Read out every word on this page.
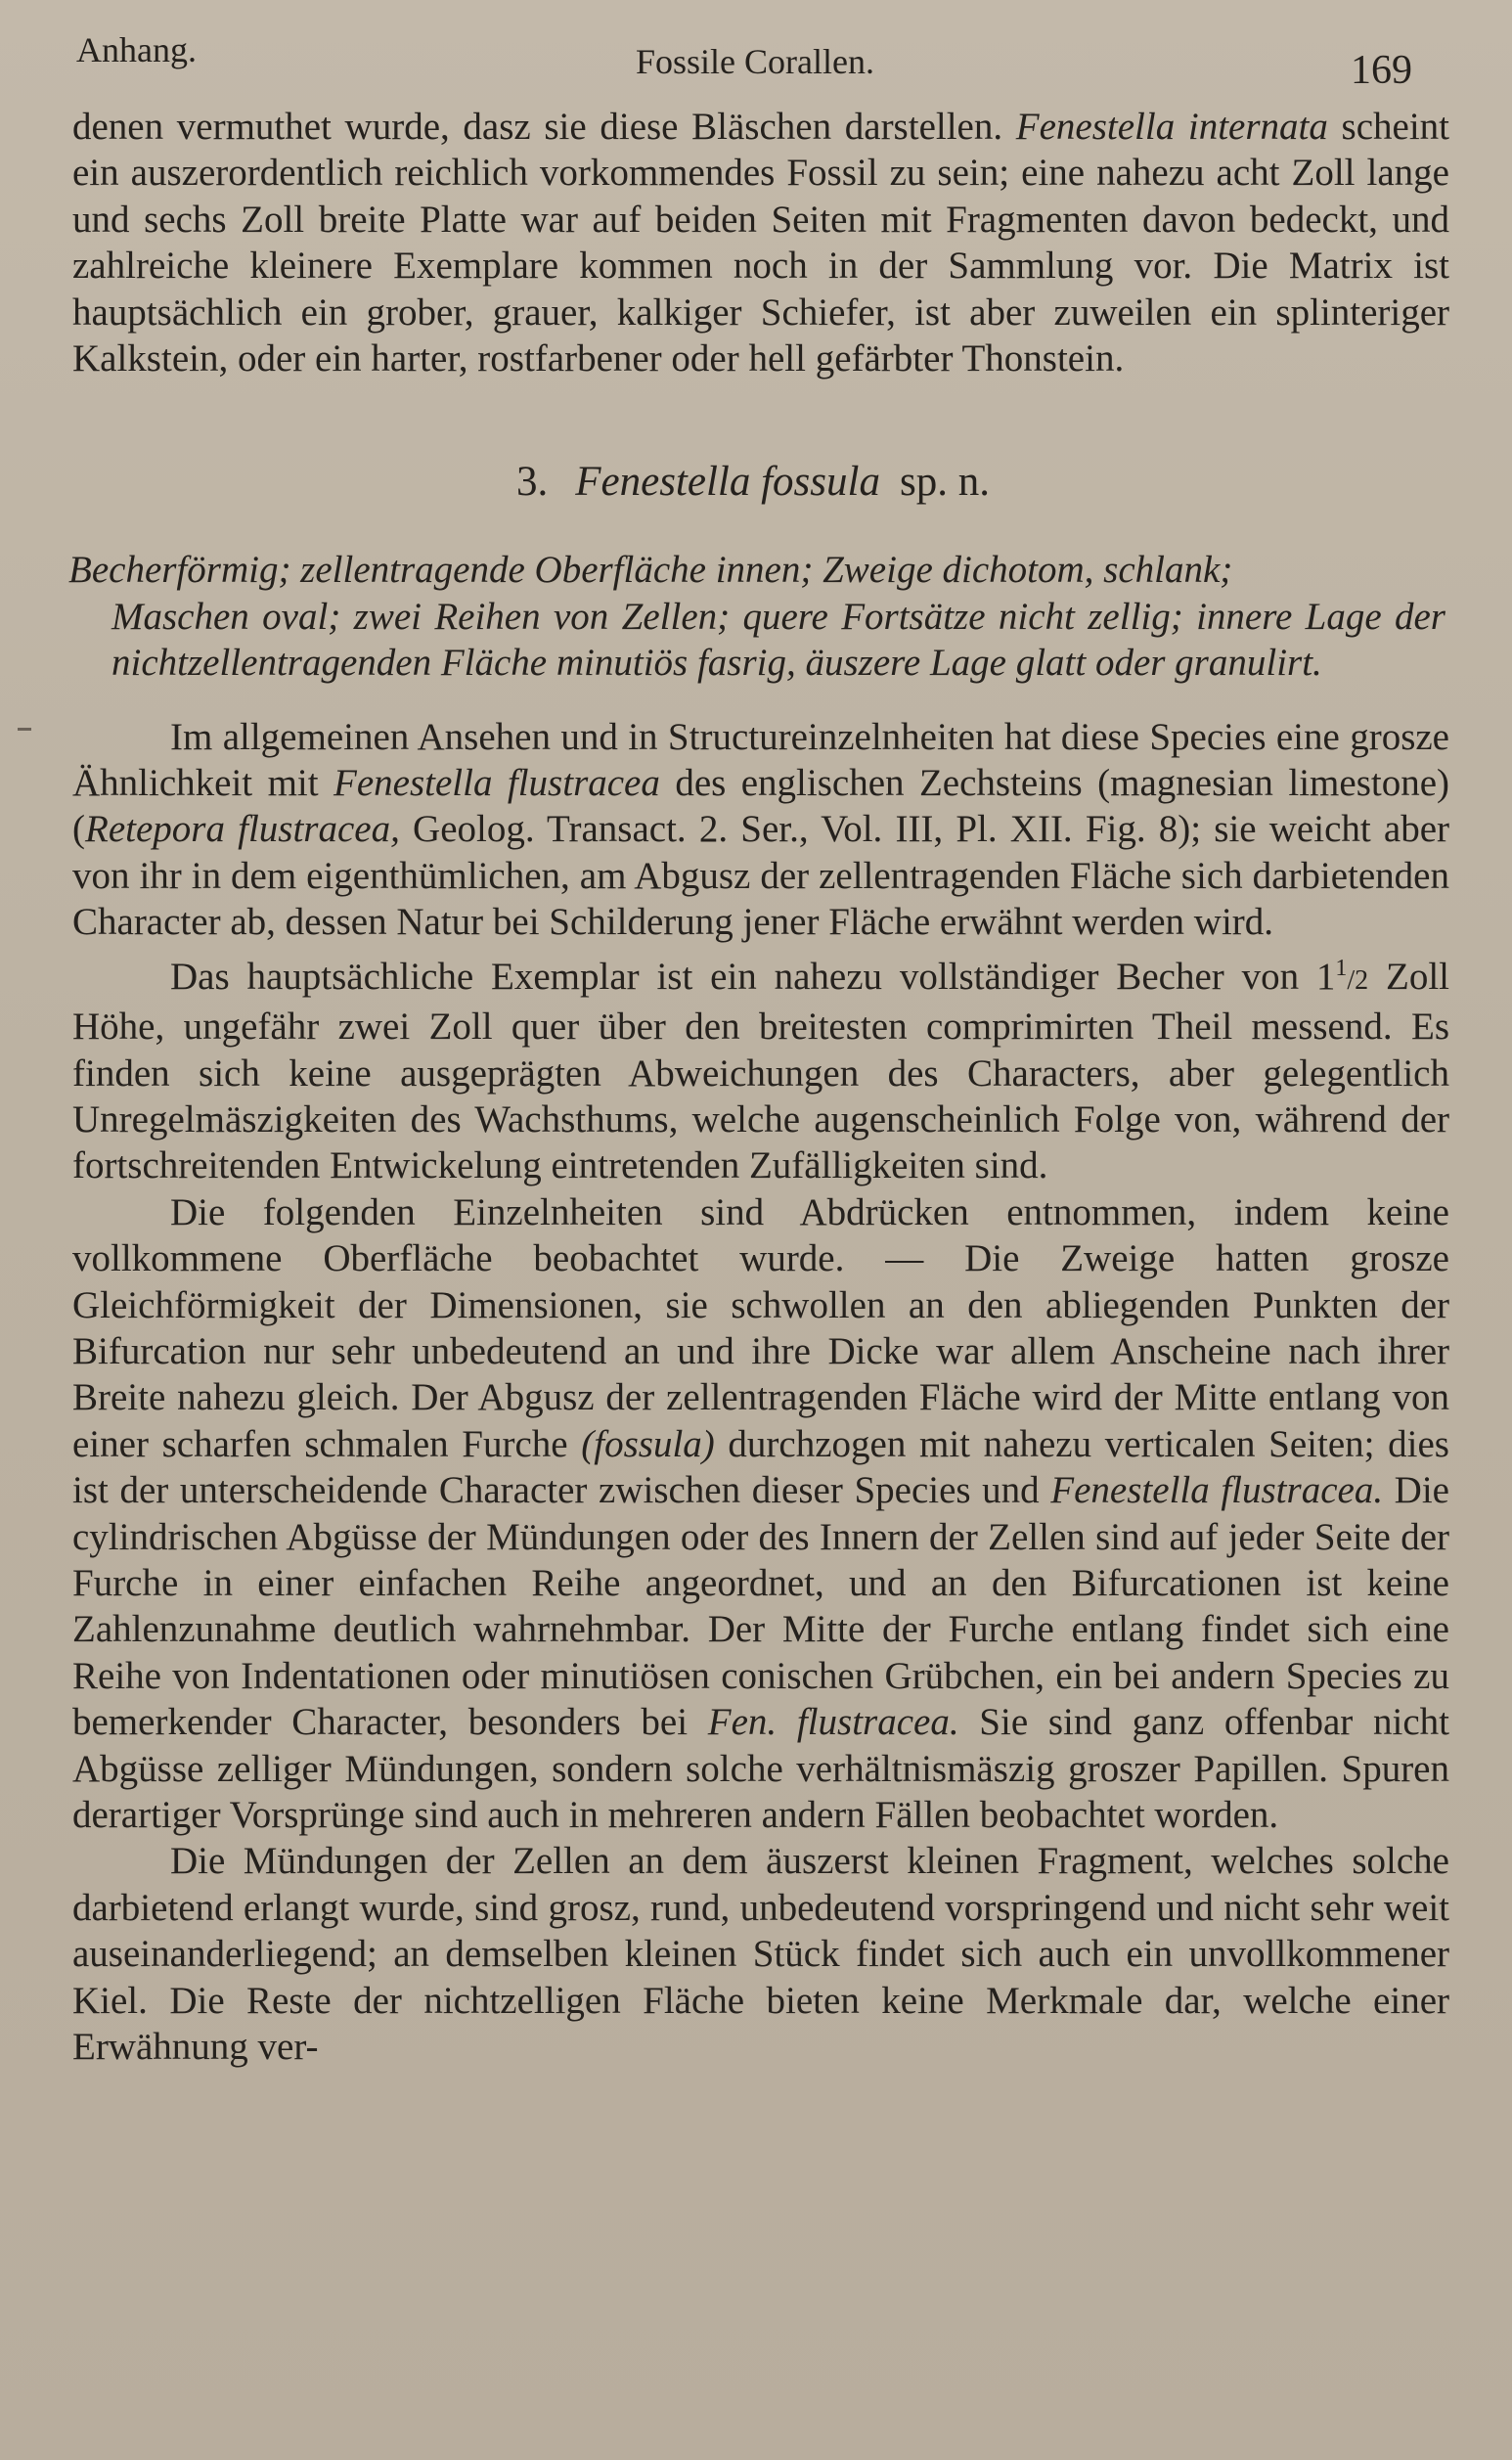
Anhang.	Fossile Corallen.	169

denen vermuthet wurde, dasz sie diese Bläschen darstellen. Fenestella internata scheint ein auszerordentlich reichlich vorkommendes Fossil zu sein; eine nahezu acht Zoll lange und sechs Zoll breite Platte war auf beiden Seiten mit Fragmenten davon bedeckt, und zahlreiche kleinere Exemplare kommen noch in der Sammlung vor. Die Matrix ist hauptsächlich ein grober, grauer, kalkiger Schiefer, ist aber zuweilen ein splinteriger Kalkstein, oder ein harter, rostfarbener oder hell gefärbter Thonstein.

3. Fenestella fossula sp. n.
Becherförmig; zellentragende Oberfläche innen; Zweige dichotom, schlank;
Maschen oval; zwei Reihen von Zellen; quere Fortsätze nicht zellig; innere Lage der nichtzellentragenden Fläche minutiös fasrig, äuszere Lage glatt oder granulirt.

Im allgemeinen Ansehen und in Structureinzelnheiten hat diese Species eine grosze Ähnlichkeit mit Fenestella flustracea des englischen Zechsteins (magnesian limestone) (Retepora flustracea, Geolog. Transact. 2. Ser., Vol. III, Pl. XII. Fig. 8); sie weicht aber von ihr in dem eigenthümlichen, am Abgusz der zellentragenden Fläche sich darbietenden Character ab, dessen Natur bei Schilderung jener Fläche erwähnt werden wird.

Das hauptsächliche Exemplar ist ein nahezu vollständiger Becher von $1^1/2$ Zoll Höhe, ungefähr zwei Zoll quer über den breitesten comprimirten Theil messend. Es finden sich keine ausgeprägten Abweichungen des Characters, aber gelegentlich Unregelmäszigkeiten des Wachsthums, welche augenscheinlich Folge von, während der fortschreitenden Entwickelung eintretenden Zufälligkeiten sind.

Die folgenden Einzelnheiten sind Abdrücken entnommen, indem keine vollkommene Oberfläche beobachtet wurde. — Die Zweige hatten grosze Gleichförmigkeit der Dimensionen, sie schwollen an den abliegenden Punkten der Bifurcation nur sehr unbedeutend an und ihre Dicke war allem Anscheine nach ihrer Breite nahezu gleich. Der Abgusz der zellentragenden Fläche wird der Mitte entlang von einer scharfen schmalen Furche (fossula) durchzogen mit nahezu verticalen Seiten; dies ist der unterscheidende Character zwischen dieser Species und Fenestella flustracea. Die cylindrischen Abgüsse der Mündungen oder des Innern der Zellen sind auf jeder Seite der Furche in einer einfachen Reihe angeordnet, und an den Bifurcationen ist keine Zahlenzunahme deutlich wahrnehmbar. Der Mitte der Furche entlang findet sich eine Reihe von Indentationen oder minutiösen conischen Grübchen, ein bei andern Species zu bemerkender Character, besonders bei Fen. flustracea. Sie sind ganz offenbar nicht Abgüsse zelliger Mündungen, sondern solche verhältnismäszig groszer Papillen. Spuren derartiger Vorsprünge sind auch in mehreren andern Fällen beobachtet worden.

Die Mündungen der Zellen an dem äuszerst kleinen Fragment, welches solche darbietend erlangt wurde, sind grosz, rund, unbedeutend vorspringend und nicht sehr weit auseinanderliegend; an demselben kleinen Stück findet sich auch ein unvollkommener Kiel. Die Reste der nichtzelligen Fläche bieten keine Merkmale dar, welche einer Erwähnung ver-
